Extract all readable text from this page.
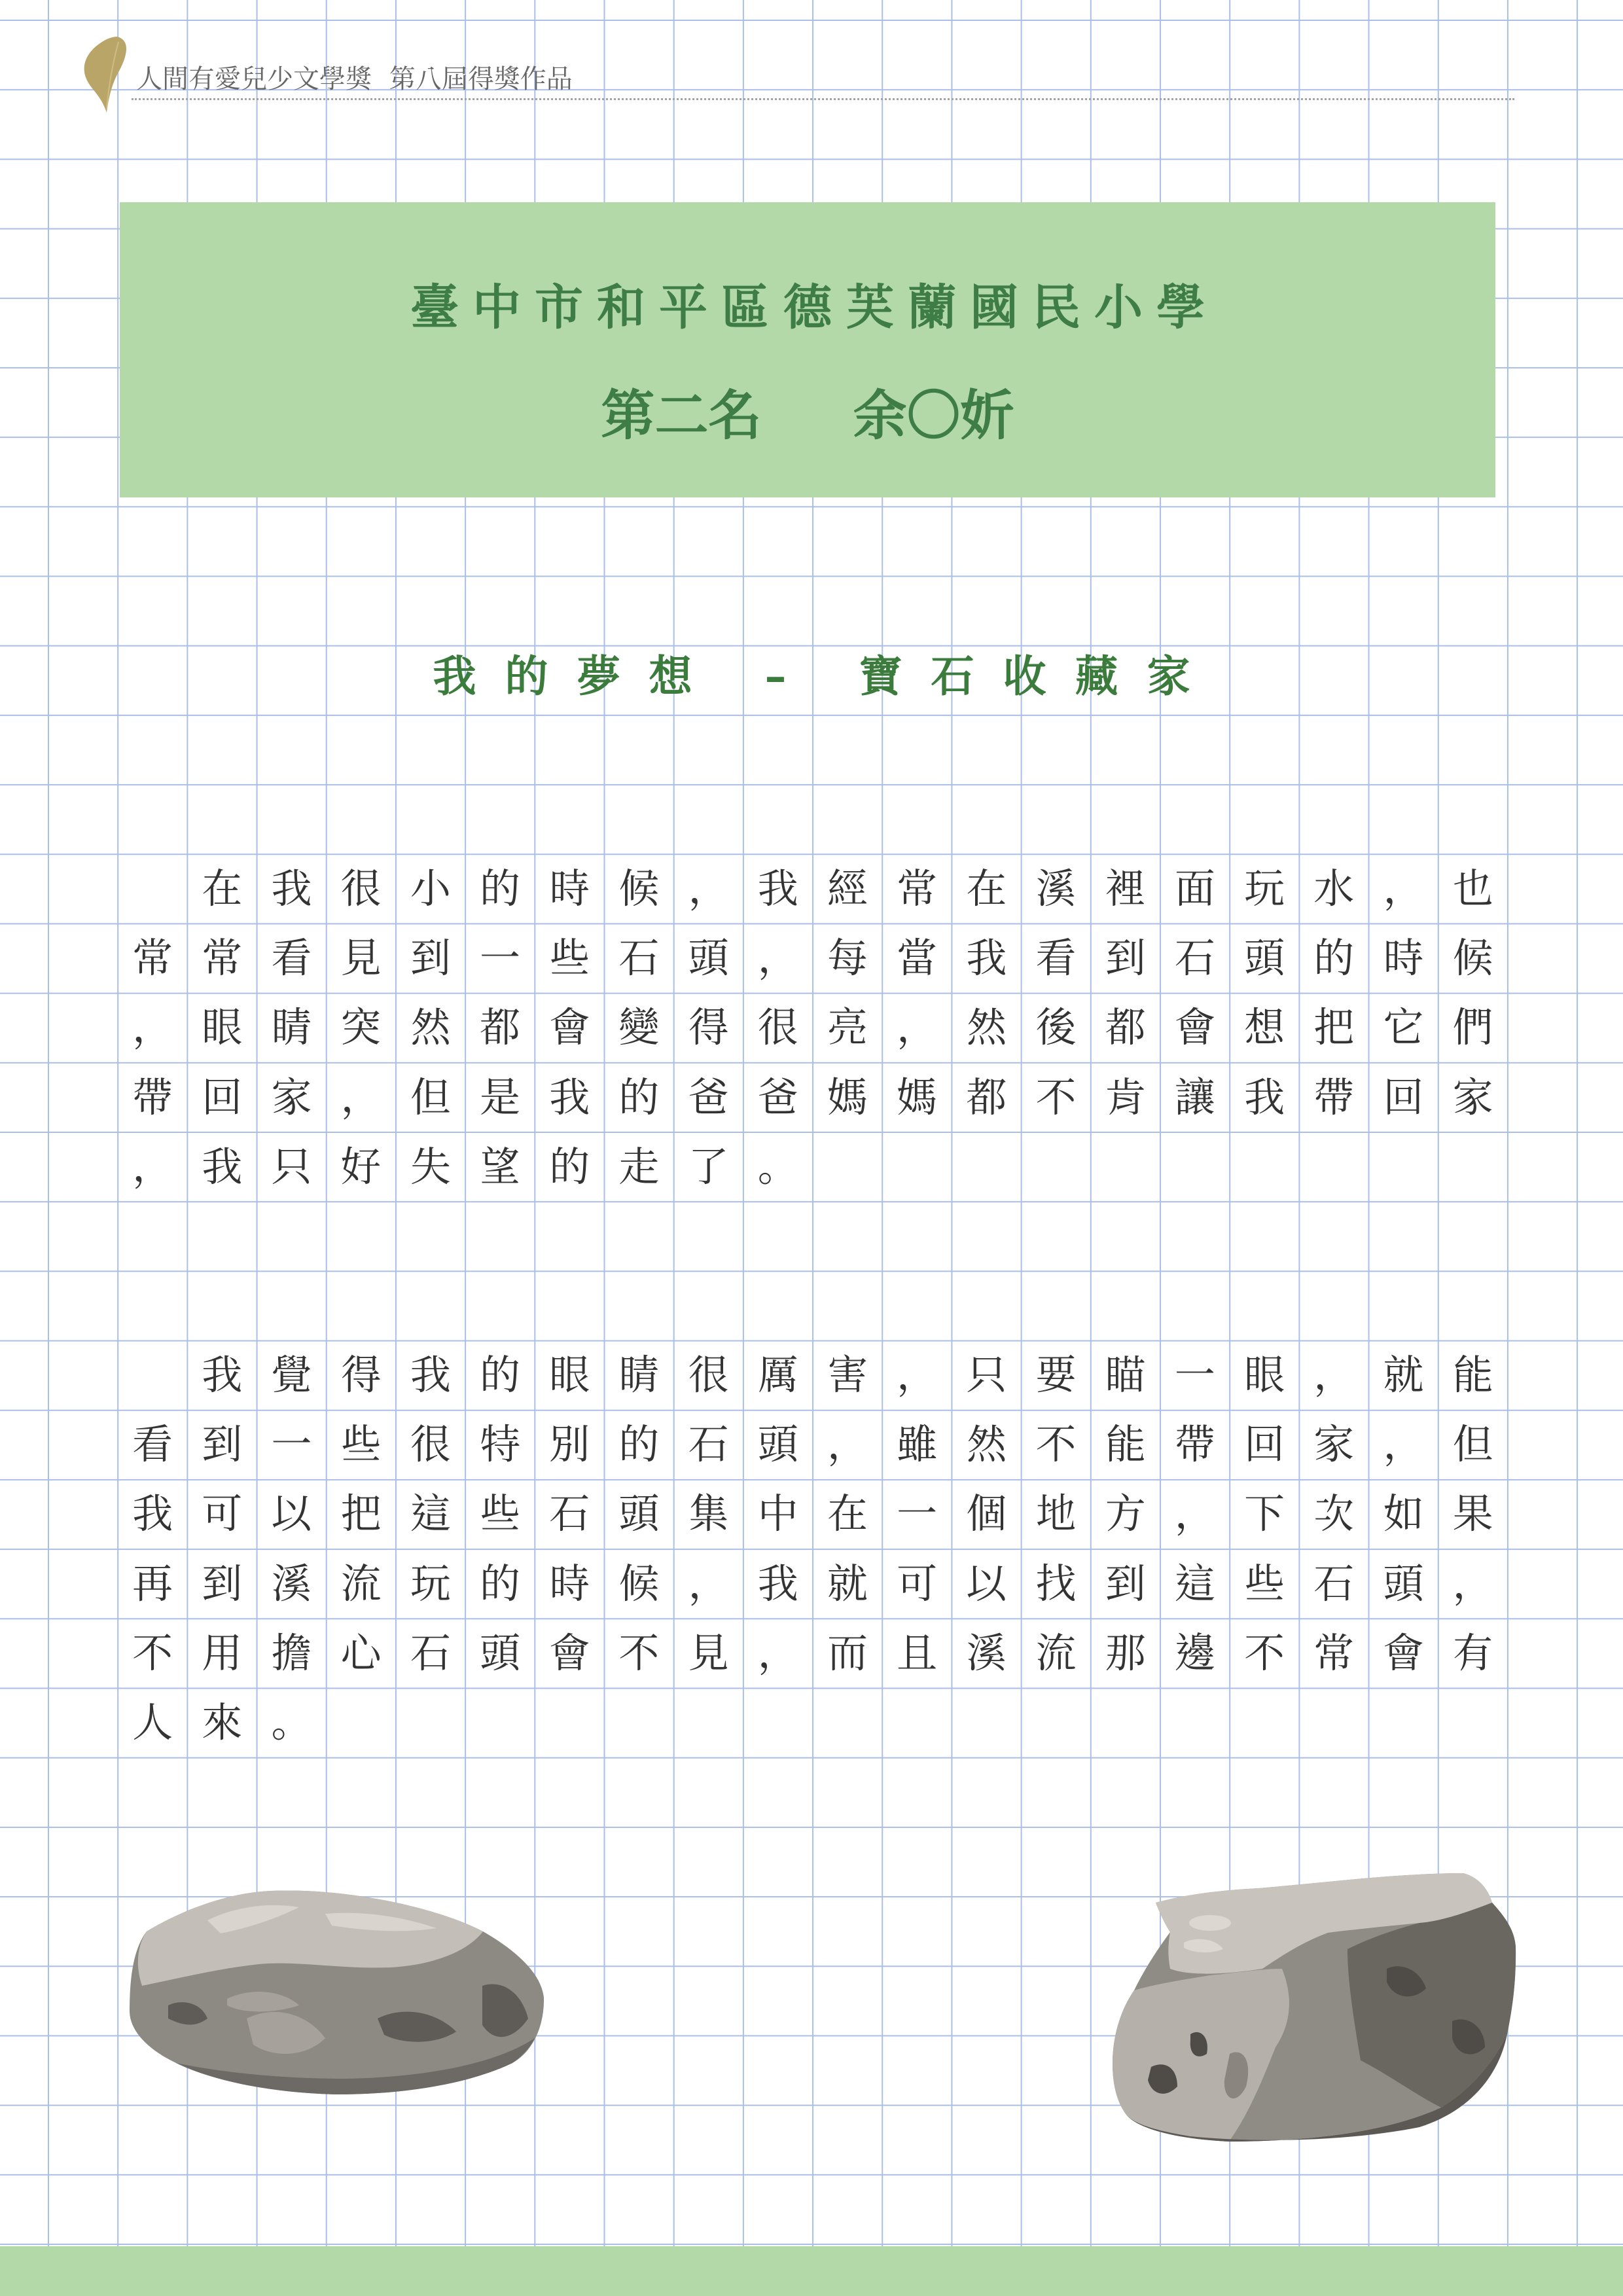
人間有愛兒少文學獎 第八屆得獎作品
臺中市和平區德芙蘭國民小學
第二名 余〇妡
我的夢想 – 寶石收藏家
在 我 很 小 的 時 候 ， 我 經 常 在 溪 裡 面 玩 水 ， 也
常 常 看 見 到 一 些 石 頭 ， 每 當 我 看 到 石 頭 的 時 候
， 眼 睛 突 然 都 會 變 得 很 亮 ， 然 後 都 會 想 把 它 們
帶 回 家 ， 但 是 我 的 爸 爸 媽 媽 都 不 肯 讓 我 帶 回 家
， 我 只 好 失 望 的 走 了 。
我 覺 得 我 的 眼 睛 很 厲 害 ， 只 要 瞄 一 眼 ， 就 能
看 到 一 些 很 特 別 的 石 頭 ， 雖 然 不 能 帶 回 家 ， 但
我 可 以 把 這 些 石 頭 集 中 在 一 個 地 方 ， 下 次 如 果
再 到 溪 流 玩 的 時 候 ， 我 就 可 以 找 到 這 些 石 頭 ，
不 用 擔 心 石 頭 會 不 見 ， 而 且 溪 流 那 邊 不 常 會 有
人 來 。
